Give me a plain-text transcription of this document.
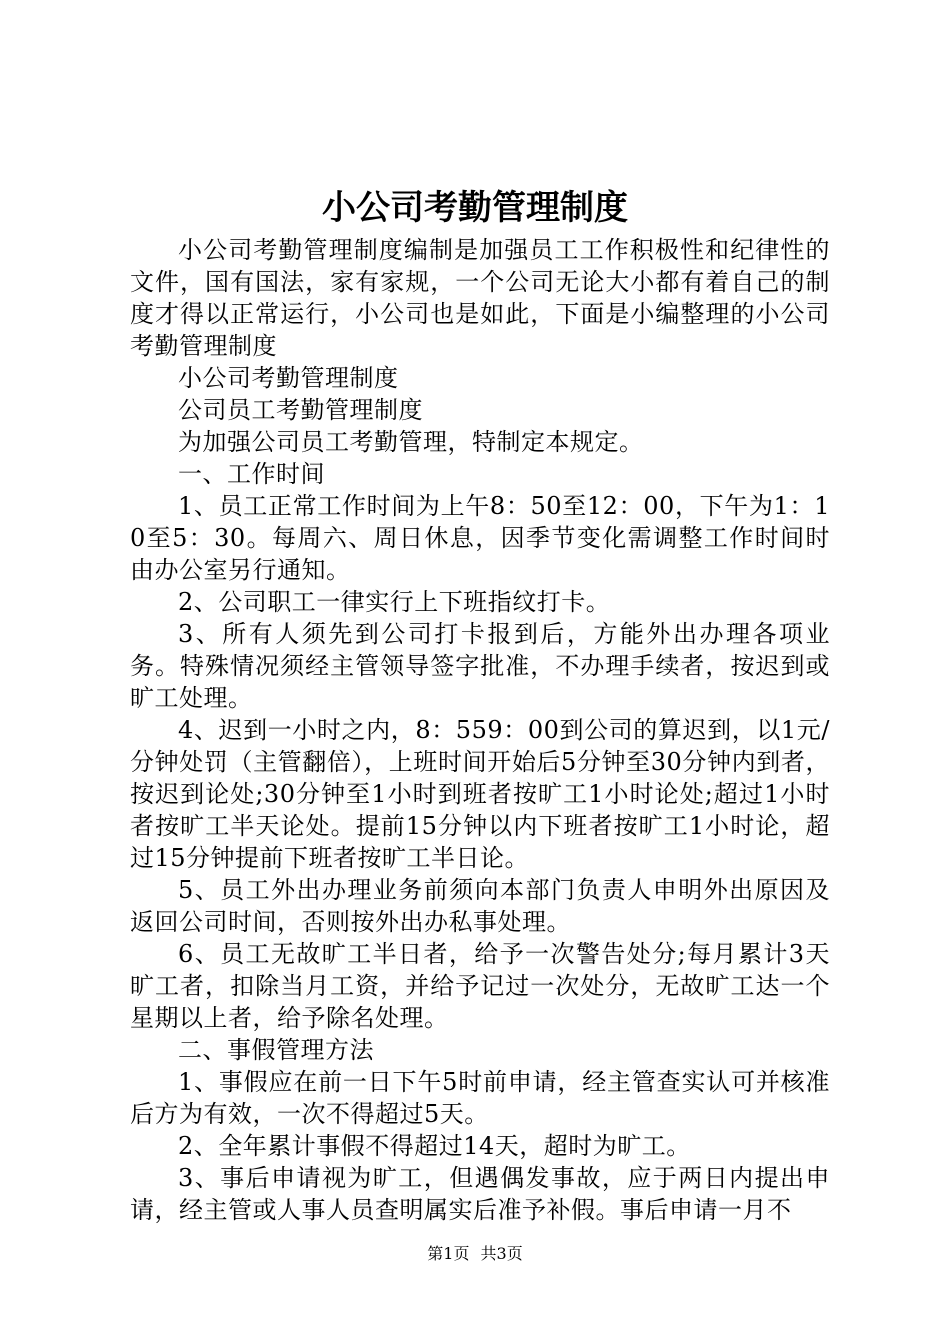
小公司考勤管理制度

小公司考勤管理制度编制是加强员工工作积极性和纪律性的文件，国有国法，家有家规，一个公司无论大小都有着自己的制度才得以正常运行，小公司也是如此，下面是小编整理的小公司考勤管理制度

小公司考勤管理制度

公司员工考勤管理制度

为加强公司员工考勤管理，特制定本规定。

一、工作时间

1、员工正常工作时间为上午8：50至12：00，下午为1：10至5：30。每周六、周日休息，因季节变化需调整工作时间时由办公室另行通知。

2、公司职工一律实行上下班指纹打卡。

3、所有人须先到公司打卡报到后，方能外出办理各项业务。特殊情况须经主管领导签字批准，不办理手续者，按迟到或旷工处理。

4、迟到一小时之内，8：559：00到公司的算迟到，以1元/分钟处罚（主管翻倍），上班时间开始后5分钟至30分钟内到者，按迟到论处;30分钟至1小时到班者按旷工1小时论处;超过1小时者按旷工半天论处。提前15分钟以内下班者按旷工1小时论，超过15分钟提前下班者按旷工半日论。

5、员工外出办理业务前须向本部门负责人申明外出原因及返回公司时间，否则按外出办私事处理。

6、员工无故旷工半日者，给予一次警告处分;每月累计3天旷工者，扣除当月工资，并给予记过一次处分，无故旷工达一个星期以上者，给予除名处理。

二、事假管理方法

1、事假应在前一日下午5时前申请，经主管查实认可并核准后方为有效，一次不得超过5天。

2、全年累计事假不得超过14天，超时为旷工。

3、事后申请视为旷工，但遇偶发事故，应于两日内提出申请，经主管或人事人员查明属实后准予补假。事后申请一月不

第1页 共3页
